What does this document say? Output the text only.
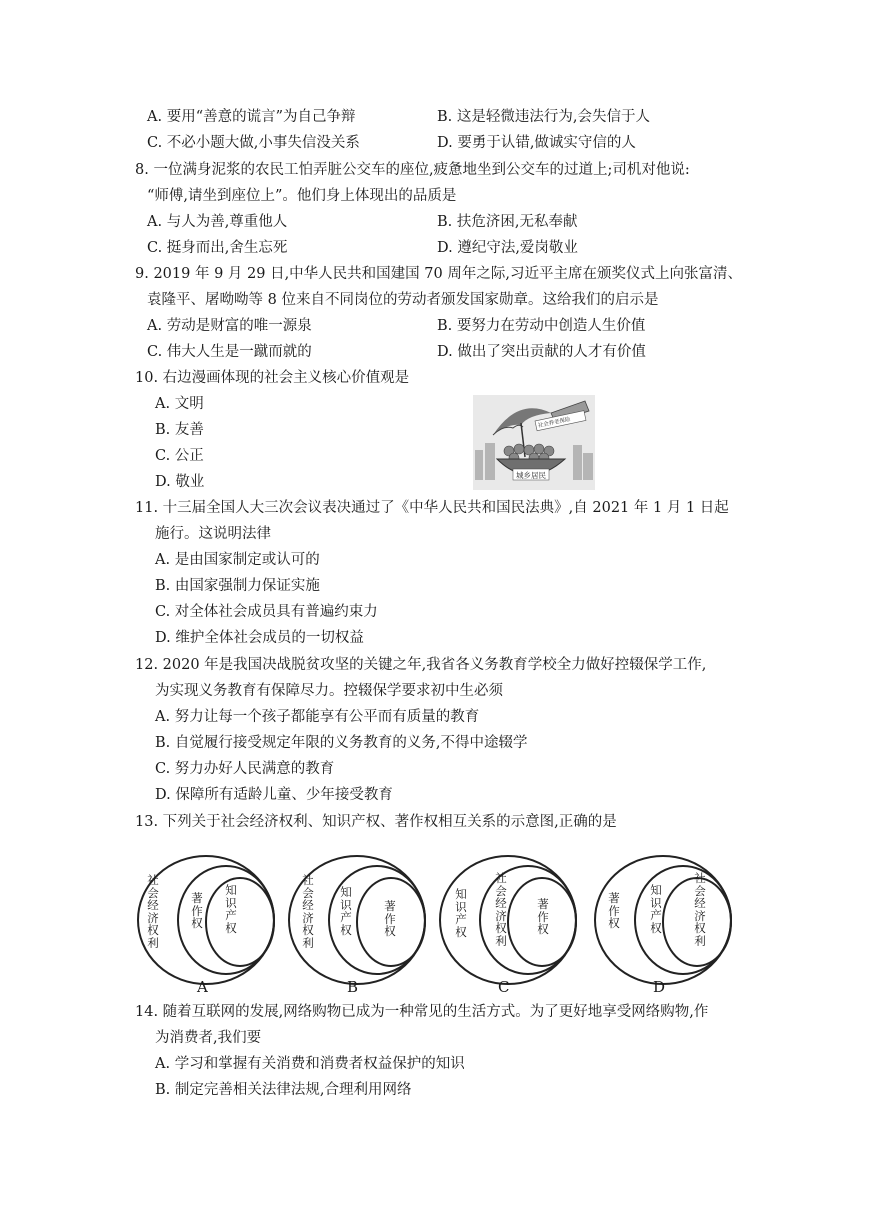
A. 要用“善意的谎言”为自己争辩	B. 这是轻微违法行为,会失信于人
C. 不必小题大做,小事失信没关系	D. 要勇于认错,做诚实守信的人
8. 一位满身泥浆的农民工怕弄脏公交车的座位,疲惫地坐到公交车的过道上;司机对他说:
“师傅,请坐到座位上”。他们身上体现出的品质是
A. 与人为善,尊重他人	B. 扶危济困,无私奉献
C. 挺身而出,舍生忘死	D. 遵纪守法,爱岗敬业
9. 2019 年 9 月 29 日,中华人民共和国建国 70 周年之际,习近平主席在颁奖仪式上向张富清、
袁隆平、屠呦呦等 8 位来自不同岗位的劳动者颁发国家勋章。这给我们的启示是
A. 劳动是财富的唯一源泉	B. 要努力在劳动中创造人生价值
C. 伟大人生是一蹴而就的	D. 做出了突出贡献的人才有价值
10. 右边漫画体现的社会主义核心价值观是
A. 文明
B. 友善
C. 公正
D. 敬业
社会养老保险
城乡居民
11. 十三届全国人大三次会议表决通过了《中华人民共和国民法典》,自 2021 年 1 月 1 日起
施行。这说明法律
A. 是由国家制定或认可的
B. 由国家强制力保证实施
C. 对全体社会成员具有普遍约束力
D. 维护全体社会成员的一切权益
12. 2020 年是我国决战脱贫攻坚的关键之年,我省各义务教育学校全力做好控辍保学工作,
为实现义务教育有保障尽力。控辍保学要求初中生必须
A. 努力让每一个孩子都能享有公平而有质量的教育
B. 自觉履行接受规定年限的义务教育的义务,不得中途辍学
C. 努力办好人民满意的教育
D. 保障所有适龄儿童、少年接受教育
13. 下列关于社会经济权利、知识产权、著作权相互关系的示意图,正确的是
社
会
经
济
权
利
著
作
权
知
识
产
权
A
社
会
经
济
权
利
知
识
产
权
著
作
权
B
知
识
产
权
社
会
经
济
权
利
著
作
权
C
著
作
权
知
识
产
权
社
会
经
济
权
利
D
14. 随着互联网的发展,网络购物已成为一种常见的生活方式。为了更好地享受网络购物,作
为消费者,我们要
A. 学习和掌握有关消费和消费者权益保护的知识
B. 制定完善相关法律法规,合理利用网络
